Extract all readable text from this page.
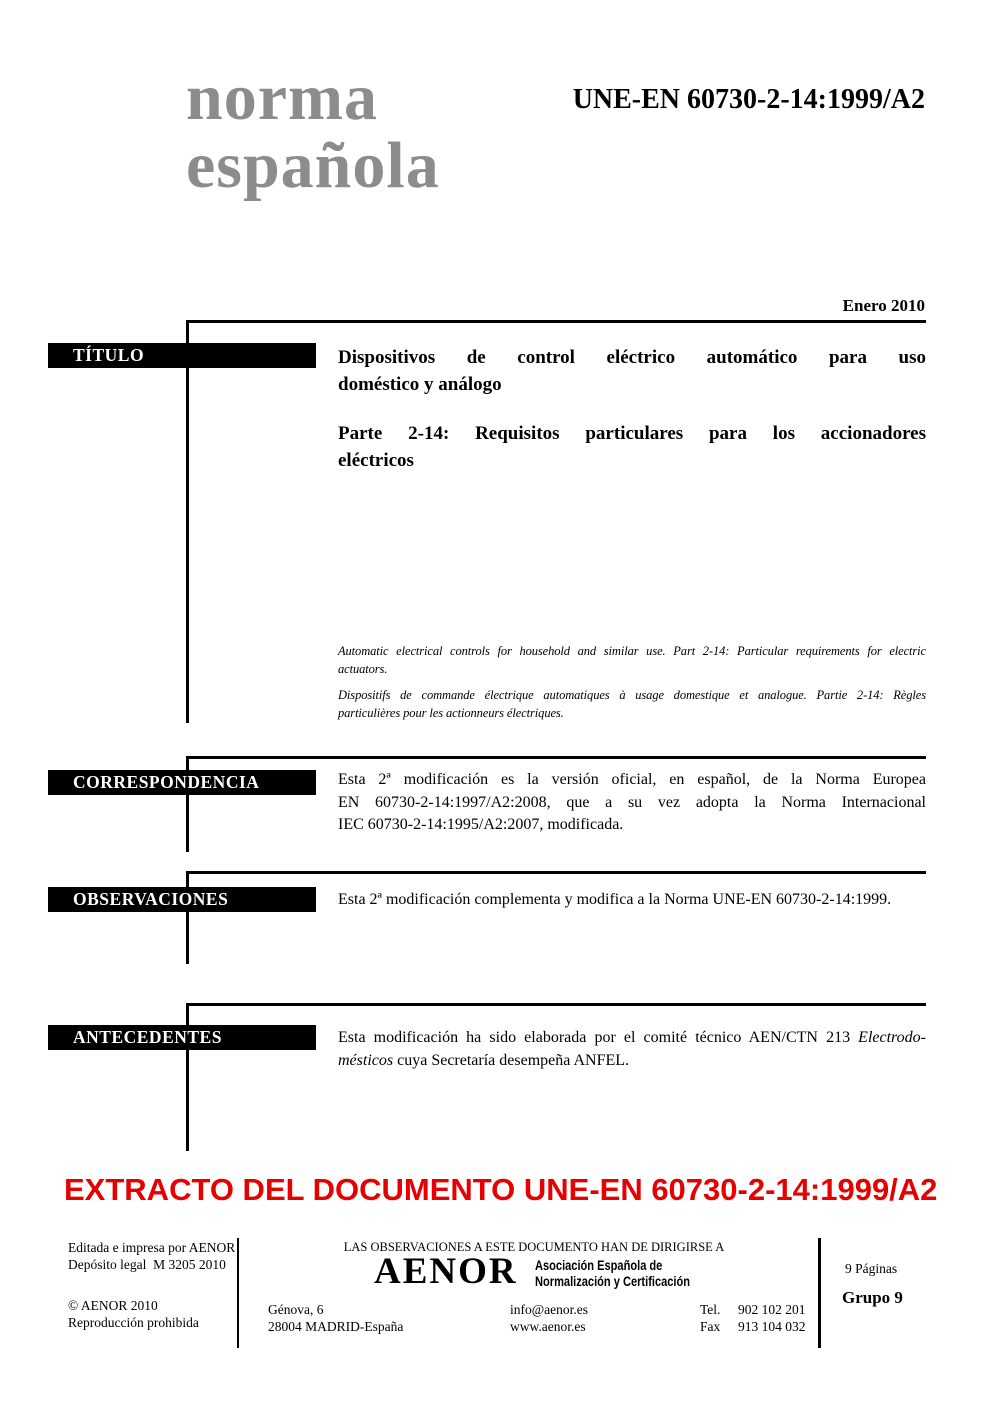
norma
española
UNE-EN 60730-2-14:1999/A2
Enero 2010
TÍTULO	Dispositivos de control eléctrico automático para uso
doméstico y análogo
Parte 2-14: Requisitos particulares para los accionadores
eléctricos
Automatic electrical controls for household and similar use. Part 2-14: Particular requirements for electric
actuators.
Dispositifs de commande électrique automatiques à usage domestique et analogue. Partie 2-14: Règles
particulières pour les actionneurs électriques.
CORRESPONDENCIA	Esta 2ª modificación es la versión oficial, en español, de la Norma Europea
EN 60730-2-14:1997/A2:2008, que a su vez adopta la Norma Internacional
IEC 60730-2-14:1995/A2:2007, modificada.
OBSERVACIONES	Esta 2ª modificación complementa y modifica a la Norma UNE-EN 60730-2-14:1999.
ANTECEDENTES	Esta modificación ha sido elaborada por el comité técnico AEN/CTN 213 Electrodo-
mésticos cuya Secretaría desempeña ANFEL.
EXTRACTO DEL DOCUMENTO UNE-EN 60730-2-14:1999/A2
Editada e impresa por AENOR
Depósito legal  M 3205 2010
© AENOR 2010
Reproducción prohibida
LAS OBSERVACIONES A ESTE DOCUMENTO HAN DE DIRIGIRSE A
AENOR Asociación Española de
Normalización y Certificación
Génova, 6
28004 MADRID-España
info@aenor.es
www.aenor.es
Tel.	902 102 201
Fax	913 104 032
9 Páginas
Grupo 9
